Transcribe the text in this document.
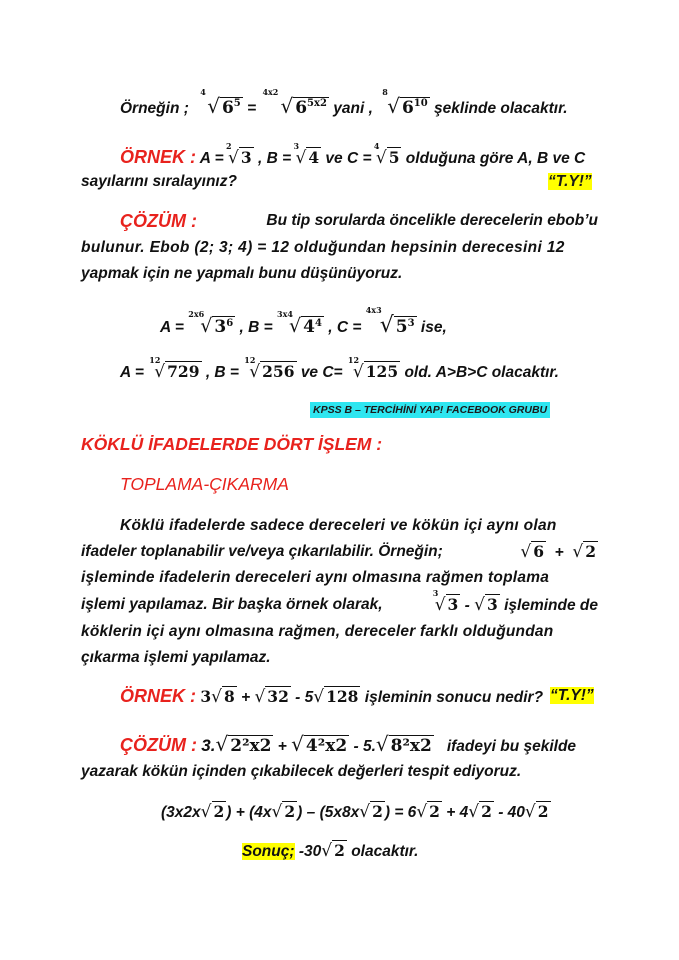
Örneğin ;
4
√ $6^5$ =
4x2
√ $6^{5x2}$ yani ,
8
√ $6^{10}$ şeklinde olacaktır.
ÖRNEK : A =
2
√ 3 , B =
3
√ 4 ve C =
4
√ 5 olduğuna göre A, B ve C
sayılarını sıralayınız?	“T.Y!”
ÇÖZÜM :	Bu tip sorularda öncelikle derecelerin ebob’u
bulunur. Ebob (2; 3; 4) = 12 olduğundan hepsinin derecesini 12
yapmak için ne yapmalı bunu düşünüyoruz.
A =
2x6
√ $3^6$ , B =
3x4
√ $4^4$ , C =
4x3
√ $5^3$ ise,
A =
12
√ 729 , B =
12
√ 256 ve C=
12
√ 125 old. A>B>C olacaktır.
KPSS B – TERCİHİNİ YAP! FACEBOOK GRUBU
KÖKLÜ İFADELERDE DÖRT İŞLEM :
TOPLAMA-ÇIKARMA
Köklü ifadelerde sadece dereceleri ve kökün içi aynı olan
ifadeler toplanabilir ve/veya çıkarılabilir. Örneğin;	√ 6 + √ 2
işleminde ifadelerin dereceleri aynı olmasına rağmen toplama
işlemi yapılamaz. Bir başka örnek olarak,
3
√ 3 - √ 3 işleminde de
köklerin içi aynı olmasına rağmen, dereceler farklı olduğundan
çıkarma işlemi yapılamaz.
ÖRNEK : 3√ 8 + √ 32 - 5√ 128 işleminin sonucu nedir? “T.Y!”
ÇÖZÜM : 3.√ 2²x2 + √ 4²x2 - 5.√ 8²x2 ifadeyi bu şekilde
yazarak kökün içinden çıkabilecek değerleri tespit ediyoruz.
(3x2x√ 2 ) + (4x√ 2 ) – (5x8x√ 2 ) = 6√ 2 + 4√ 2 - 40√ 2
Sonuç; -30√ 2 olacaktır.
